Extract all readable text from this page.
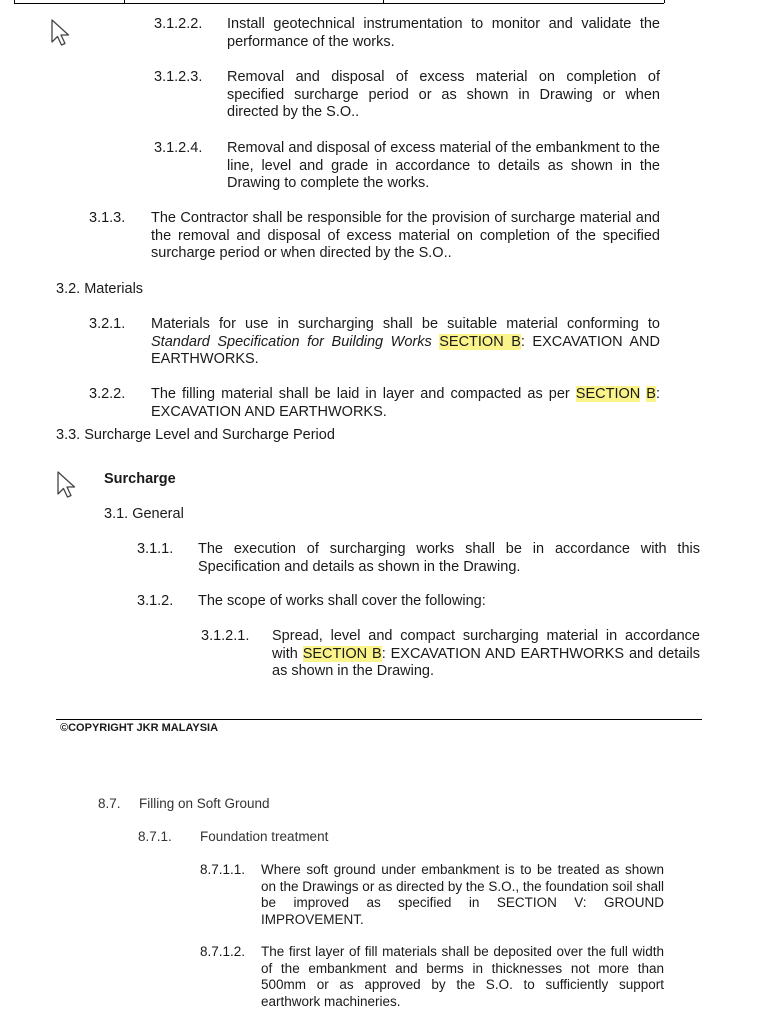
3.1.2.2. Install geotechnical instrumentation to monitor and validate the performance of the works.
3.1.2.3. Removal and disposal of excess material on completion of specified surcharge period or as shown in Drawing or when directed by the S.O..
3.1.2.4. Removal and disposal of excess material of the embankment to the line, level and grade in accordance to details as shown in the Drawing to complete the works.
3.1.3. The Contractor shall be responsible for the provision of surcharge material and the removal and disposal of excess material on completion of the specified surcharge period or when directed by the S.O..
3.2. Materials
3.2.1. Materials for use in surcharging shall be suitable material conforming to Standard Specification for Building Works SECTION B: EXCAVATION AND EARTHWORKS.
3.2.2. The filling material shall be laid in layer and compacted as per SECTION B: EXCAVATION AND EARTHWORKS.
3.3. Surcharge Level and Surcharge Period
Surcharge
3.1. General
3.1.1. The execution of surcharging works shall be in accordance with this Specification and details as shown in the Drawing.
3.1.2. The scope of works shall cover the following:
3.1.2.1. Spread, level and compact surcharging material in accordance with SECTION B: EXCAVATION AND EARTHWORKS and details as shown in the Drawing.
©COPYRIGHT JKR MALAYSIA
8.7. Filling on Soft Ground
8.7.1. Foundation treatment
8.7.1.1. Where soft ground under embankment is to be treated as shown on the Drawings or as directed by the S.O., the foundation soil shall be improved as specified in SECTION V: GROUND IMPROVEMENT.
8.7.1.2. The first layer of fill materials shall be deposited over the full width of the embankment and berms in thicknesses not more than 500mm or as approved by the S.O. to sufficiently support earthwork machineries.
